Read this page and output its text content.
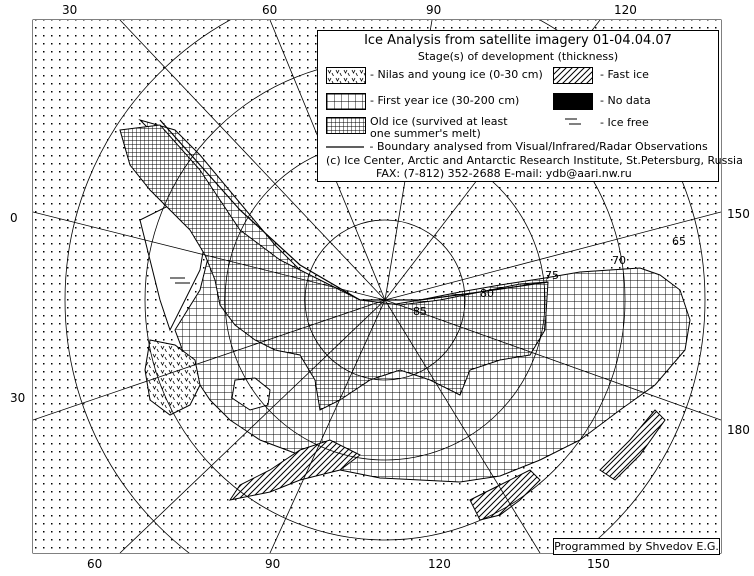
30	60	90	120
60	90	120	150
0
30
150
180
65
70
75
80
85
Ice Analysis from satellite imagery 01-04.04.07
Stage(s) of development (thickness)
- Nilas and young ice (0-30 cm)	- Fast ice
- First year ice (30-200 cm)	- No data
Old ice (survived at least
one summer's melt)
- Ice free
- Boundary analysed from Visual/Infrared/Radar Observations
(c) Ice Center, Arctic and Antarctic Research Institute, St.Petersburg, Russia
FAX: (7-812) 352-2688 E-mail: ydb@aari.nw.ru
Programmed by Shvedov E.G.
